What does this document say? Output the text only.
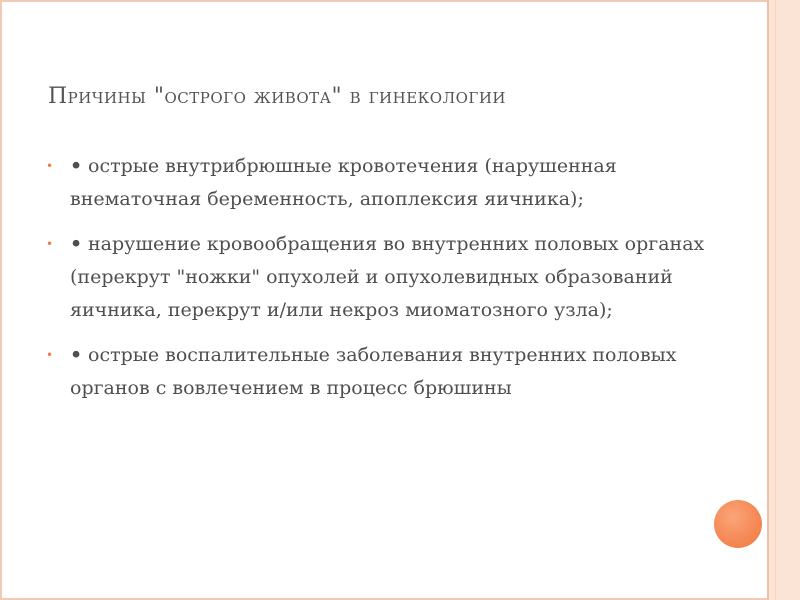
Причины "острого живота" в гинекологии
• • острые внутрибрюшные кровотечения (нарушенная внематочная беременность, апоплексия яичника);
• • нарушение кровообращения во внутренних половых органах (перекрут "ножки" опухолей и опухолевидных образований яичника, перекрут и/или некроз миоматозного узла);
• • острые воспалительные заболевания внутренних половых органов с вовлечением в процесс брюшины
